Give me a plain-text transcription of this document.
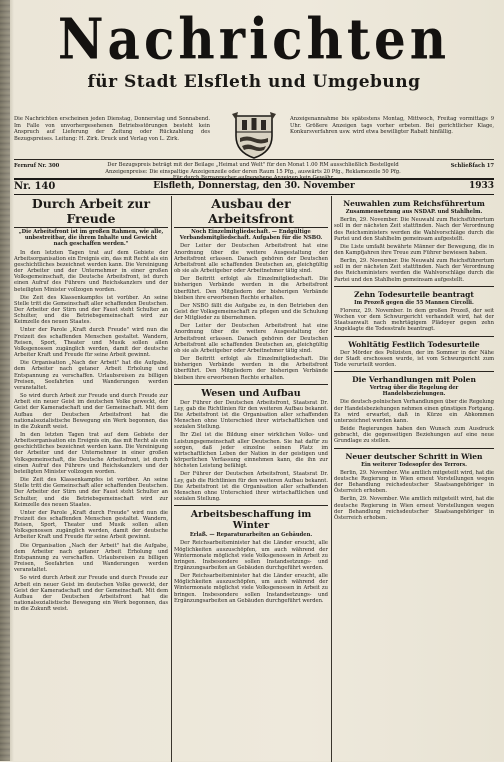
Nachrichten
für Stadt Elsfleth und Umgebung
Die Nachrichten erscheinen jeden Dienstag, Donnerstag und Sonnabend. Im Falle von unvorhergesehenen Betriebsstörungen besteht kein Anspruch auf Lieferung der Zeitung oder Rückzahlung des Bezugspreises. Leitung: H. Zirk. Druck und Verlag von L. Zirk.
Anzeigenannahme bis spätestens Montag, Mittwoch, Freitag vormittags 9 Uhr. Größere Anzeigen tags vorher erbeten. Bei gerichtlicher Klage, Konkursverfahren usw. wird etwa bewilligter Rabatt hinfällig.
Fernruf Nr. 300	Der Bezugspreis beträgt mit der Beilage „Heimat und Welt" für den Monat 1.00 RM ausschließlich Bestellgeld
Anzeigenpreise: Die einspaltige Anzeigenzeile oder deren Raum 15 Pfg., auswärts 20 Pfg., Reklamezeile 50 Pfg.
Für durch Fernsprecher aufgegebene Anzeigen kein Gewähr
Schließfach 17
Nr. 140	Elsfleth, Donnerstag, den 30. November	1933
Durch Arbeit zur Freude
„Die Arbeitsfront ist im großen Rahmen, wie alle, unbestreitbar, die ihrem Inhalte und Gewicht nach geschaffen werden."

In den letzten Tagen trat auf dem Gebiete der Arbeitsorganisation ein Ereignis ein, das mit Recht als ein geschichtliches bezeichnet werden kann. Die Vereinigung der Arbeiter und der Unternehmer in einer großen Volksgemeinschaft, die Deutsche Arbeitsfront, ist durch einen Aufruf des Führers und Reichskanzlers und der beteiligten Minister vollzogen worden.

Die Zeit des Klassenkampfes ist vorüber. An seine Stelle tritt die Gemeinschaft aller schaffenden Deutschen. Der Arbeiter der Stirn und der Faust steht Schulter an Schulter, und die Betriebsgemeinschaft wird zur Keimzelle des neuen Staates.

Unter der Parole „Kraft durch Freude" wird nun die Freizeit des schaffenden Menschen gestaltet. Wandern, Reisen, Sport, Theater und Musik sollen allen Volksgenossen zugänglich werden, damit der deutsche Arbeiter Kraft und Freude für seine Arbeit gewinnt.

Die Organisation „Nach der Arbeit" hat die Aufgabe, dem Arbeiter nach getaner Arbeit Erholung und Entspannung zu verschaffen. Urlaubsreisen zu billigen Preisen, Seefahrten und Wanderungen werden veranstaltet.

So wird durch Arbeit zur Freude und durch Freude zur Arbeit ein neuer Geist im deutschen Volke geweckt, der Geist der Kameradschaft und der Gemeinschaft. Mit dem Aufbau der Deutschen Arbeitsfront hat die nationalsozialistische Bewegung ein Werk begonnen, das in die Zukunft weist.

In den letzten Tagen trat auf dem Gebiete der Arbeitsorganisation ein Ereignis ein, das mit Recht als ein geschichtliches bezeichnet werden kann. Die Vereinigung der Arbeiter und der Unternehmer in einer großen Volksgemeinschaft, die Deutsche Arbeitsfront, ist durch einen Aufruf des Führers und Reichskanzlers und der beteiligten Minister vollzogen worden.

Die Zeit des Klassenkampfes ist vorüber. An seine Stelle tritt die Gemeinschaft aller schaffenden Deutschen. Der Arbeiter der Stirn und der Faust steht Schulter an Schulter, und die Betriebsgemeinschaft wird zur Keimzelle des neuen Staates.

Unter der Parole „Kraft durch Freude" wird nun die Freizeit des schaffenden Menschen gestaltet. Wandern, Reisen, Sport, Theater und Musik sollen allen Volksgenossen zugänglich werden, damit der deutsche Arbeiter Kraft und Freude für seine Arbeit gewinnt.

Die Organisation „Nach der Arbeit" hat die Aufgabe, dem Arbeiter nach getaner Arbeit Erholung und Entspannung zu verschaffen. Urlaubsreisen zu billigen Preisen, Seefahrten und Wanderungen werden veranstaltet.

So wird durch Arbeit zur Freude und durch Freude zur Arbeit ein neuer Geist im deutschen Volke geweckt, der Geist der Kameradschaft und der Gemeinschaft. Mit dem Aufbau der Deutschen Arbeitsfront hat die nationalsozialistische Bewegung ein Werk begonnen, das in die Zukunft weist.

Ausbau der Arbeitsfront
Noch Einzelmitgliedschaft. — Endgültige Verbandsmitgliedschaft. Aufgaben für die NSBO.

Der Leiter der Deutschen Arbeitsfront hat eine Anordnung über die weitere Ausgestaltung der Arbeitsfront erlassen. Danach gehören der Deutschen Arbeitsfront alle schaffenden Deutschen an, gleichgültig ob sie als Arbeitgeber oder Arbeitnehmer tätig sind.

Der Beitritt erfolgt als Einzelmitgliedschaft. Die bisherigen Verbände werden in die Arbeitsfront überführt. Den Mitgliedern der bisherigen Verbände bleiben ihre erworbenen Rechte erhalten.

Der NSBO fällt die Aufgabe zu, in den Betrieben den Geist der Volksgemeinschaft zu pflegen und die Schulung der Mitglieder zu übernehmen.

Der Leiter der Deutschen Arbeitsfront hat eine Anordnung über die weitere Ausgestaltung der Arbeitsfront erlassen. Danach gehören der Deutschen Arbeitsfront alle schaffenden Deutschen an, gleichgültig ob sie als Arbeitgeber oder Arbeitnehmer tätig sind.

Der Beitritt erfolgt als Einzelmitgliedschaft. Die bisherigen Verbände werden in die Arbeitsfront überführt. Den Mitgliedern der bisherigen Verbände bleiben ihre erworbenen Rechte erhalten.

Wesen und Aufbau

Der Führer der Deutschen Arbeitsfront, Staatsrat Dr. Ley, gab die Richtlinien für den weiteren Aufbau bekannt. Die Arbeitsfront ist die Organisation aller schaffenden Menschen ohne Unterschied ihrer wirtschaftlichen und sozialen Stellung.

Ihr Ziel ist die Bildung einer wirklichen Volks- und Leistungsgemeinschaft aller Deutschen. Sie hat dafür zu sorgen, daß jeder einzelne seinen Platz im wirtschaftlichen Leben der Nation in der geistigen und körperlichen Verfassung einnehmen kann, die ihn zur höchsten Leistung befähigt.

Der Führer der Deutschen Arbeitsfront, Staatsrat Dr. Ley, gab die Richtlinien für den weiteren Aufbau bekannt. Die Arbeitsfront ist die Organisation aller schaffenden Menschen ohne Unterschied ihrer wirtschaftlichen und sozialen Stellung.

Arbeitsbeschaffung im Winter
Erlaß. — Reparaturarbeiten an Gebäuden.

Der Reichsarbeitsminister hat die Länder ersucht, alle Möglichkeiten auszuschöpfen, um auch während der Wintermonate möglichst viele Volksgenossen in Arbeit zu bringen. Insbesondere sollen Instandsetzungs- und Ergänzungsarbeiten an Gebäuden durchgeführt werden.

Der Reichsarbeitsminister hat die Länder ersucht, alle Möglichkeiten auszuschöpfen, um auch während der Wintermonate möglichst viele Volksgenossen in Arbeit zu bringen. Insbesondere sollen Instandsetzungs- und Ergänzungsarbeiten an Gebäuden durchgeführt werden.

Neuwahlen zum Reichsführertum
Zusammensetzung aus NSDAP. und Stahlhelm.

Berlin, 29. November. Die Neuwahl zum Reichsführertum soll in der nächsten Zeit stattfinden. Nach der Verordnung des Reichsministers werden die Wahlvorschläge durch die Partei und den Stahlhelm gemeinsam aufgestellt.

Die Liste umfaßt bewährte Männer der Bewegung, die in den Kampfjahren ihre Treue zum Führer bewiesen haben.

Berlin, 29. November. Die Neuwahl zum Reichsführertum soll in der nächsten Zeit stattfinden. Nach der Verordnung des Reichsministers werden die Wahlvorschläge durch die Partei und den Stahlhelm gemeinsam aufgestellt.

Zehn Todesurteile beantragt
Im Prozeß gegen die 55 Mannen Circolli.

Florenz, 29. November. In dem großen Prozeß, der seit Wochen vor dem Schwurgericht verhandelt wird, hat der Staatsanwalt nach mehrtägigem Plädoyer gegen zehn Angeklagte die Todesstrafe beantragt.

Wohltätig Festlich Todesurteile

Der Mörder des Polizisten, der im Sommer in der Nähe der Stadt erschossen wurde, ist vom Schwurgericht zum Tode verurteilt worden.

Die Verhandlungen mit Polen
Vertrag über die Regelung der Handelsbeziehungen.

Die deutsch-polnischen Verhandlungen über die Regelung der Handelsbeziehungen nehmen einen günstigen Fortgang. Es wird erwartet, daß in Kürze ein Abkommen unterzeichnet werden kann.

Beide Regierungen haben den Wunsch zum Ausdruck gebracht, die gegenseitigen Beziehungen auf eine neue Grundlage zu stellen.

Neuer deutscher Schritt in Wien
Ein weiterer Todesopfer des Terrors.

Berlin, 29. November. Wie amtlich mitgeteilt wird, hat die deutsche Regierung in Wien erneut Vorstellungen wegen der Behandlung reichsdeutscher Staatsangehöriger in Österreich erhoben.

Berlin, 29. November. Wie amtlich mitgeteilt wird, hat die deutsche Regierung in Wien erneut Vorstellungen wegen der Behandlung reichsdeutscher Staatsangehöriger in Österreich erhoben.
